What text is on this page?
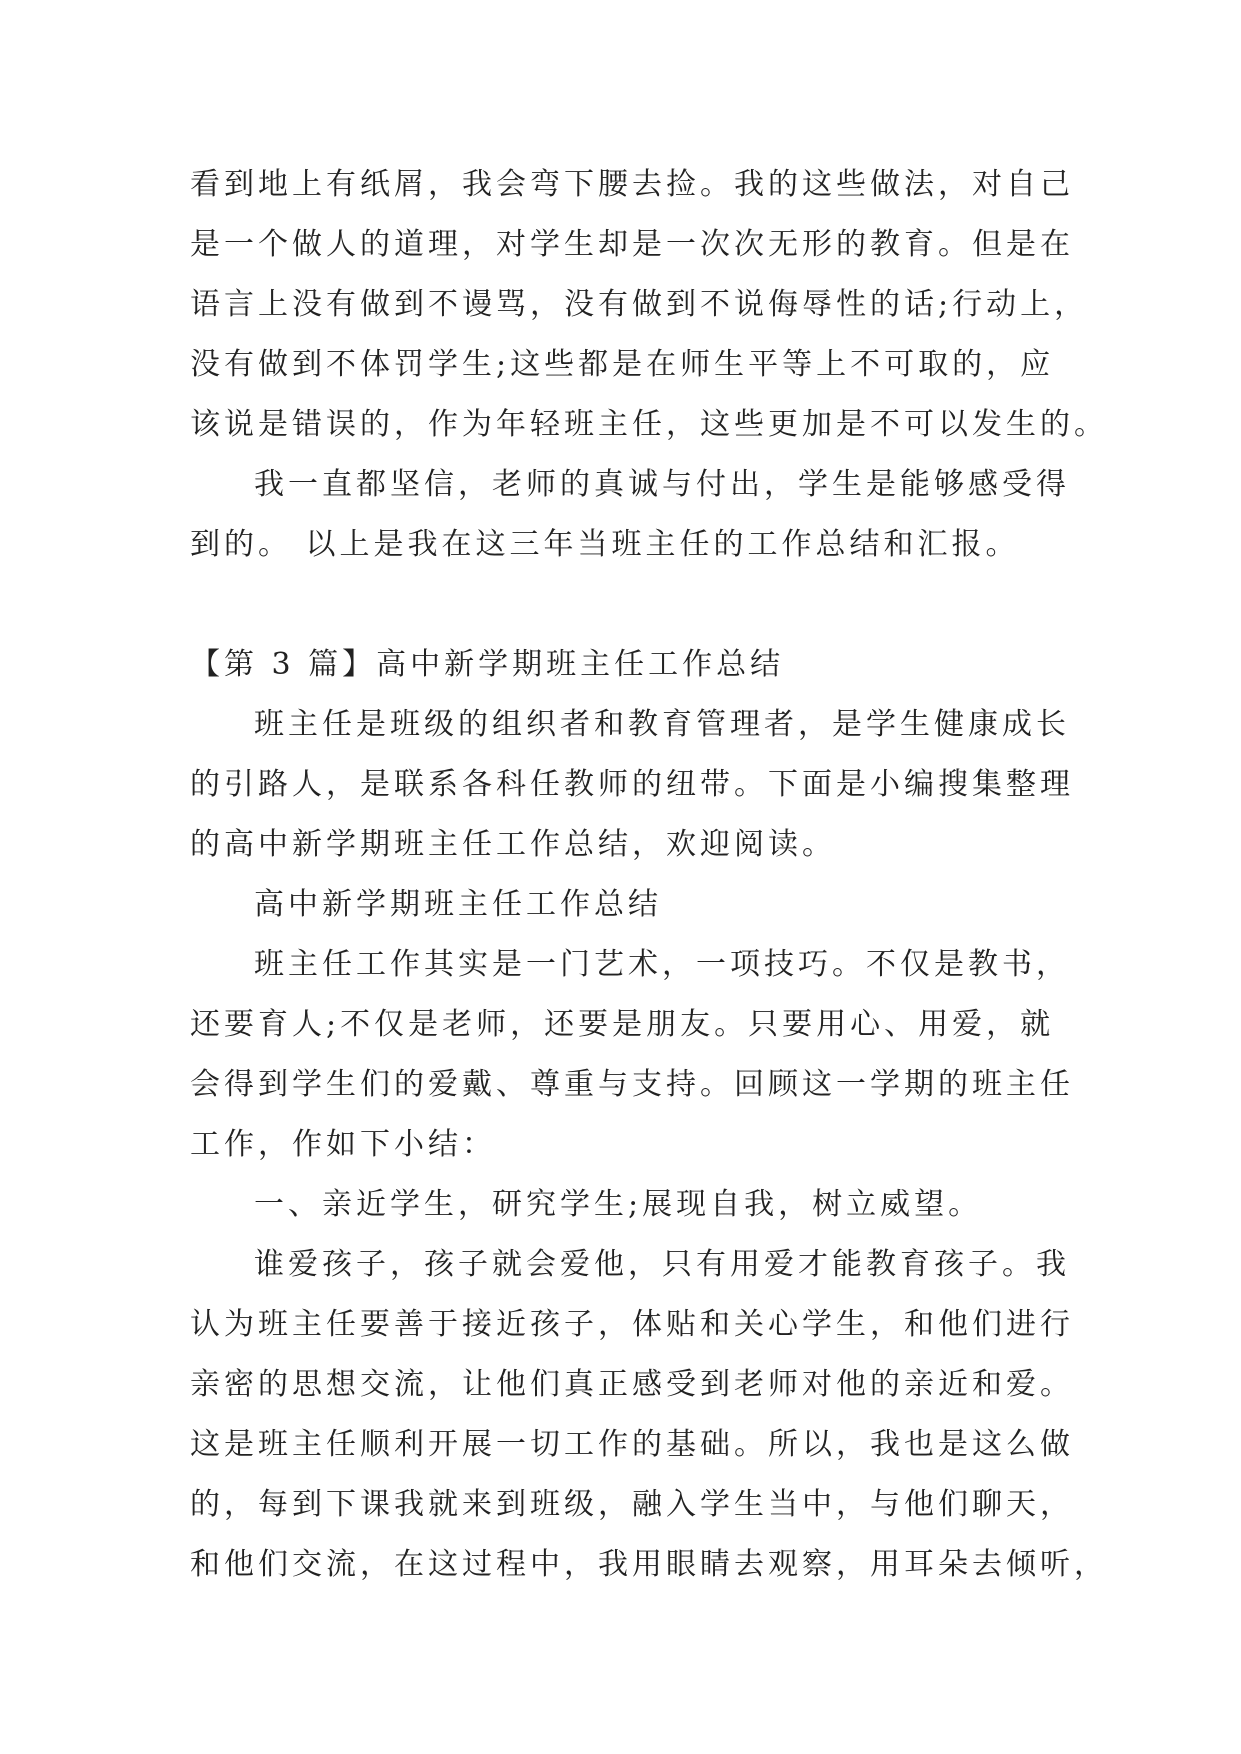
看到地上有纸屑，我会弯下腰去捡。我的这些做法，对自己
是一个做人的道理，对学生却是一次次无形的教育。但是在
语言上没有做到不谩骂，没有做到不说侮辱性的话;行动上，
没有做到不体罚学生;这些都是在师生平等上不可取的，应
该说是错误的，作为年轻班主任，这些更加是不可以发生的。
我一直都坚信，老师的真诚与付出，学生是能够感受得
到的。 以上是我在这三年当班主任的工作总结和汇报。
【第 3 篇】高中新学期班主任工作总结
班主任是班级的组织者和教育管理者，是学生健康成长
的引路人，是联系各科任教师的纽带。下面是小编搜集整理
的高中新学期班主任工作总结，欢迎阅读。
高中新学期班主任工作总结
班主任工作其实是一门艺术，一项技巧。不仅是教书，
还要育人;不仅是老师，还要是朋友。只要用心、用爱，就
会得到学生们的爱戴、尊重与支持。回顾这一学期的班主任
工作，作如下小结：
一、亲近学生，研究学生;展现自我，树立威望。
谁爱孩子，孩子就会爱他，只有用爱才能教育孩子。我
认为班主任要善于接近孩子，体贴和关心学生，和他们进行
亲密的思想交流，让他们真正感受到老师对他的亲近和爱。
这是班主任顺利开展一切工作的基础。所以，我也是这么做
的，每到下课我就来到班级，融入学生当中，与他们聊天，
和他们交流，在这过程中，我用眼睛去观察，用耳朵去倾听，
